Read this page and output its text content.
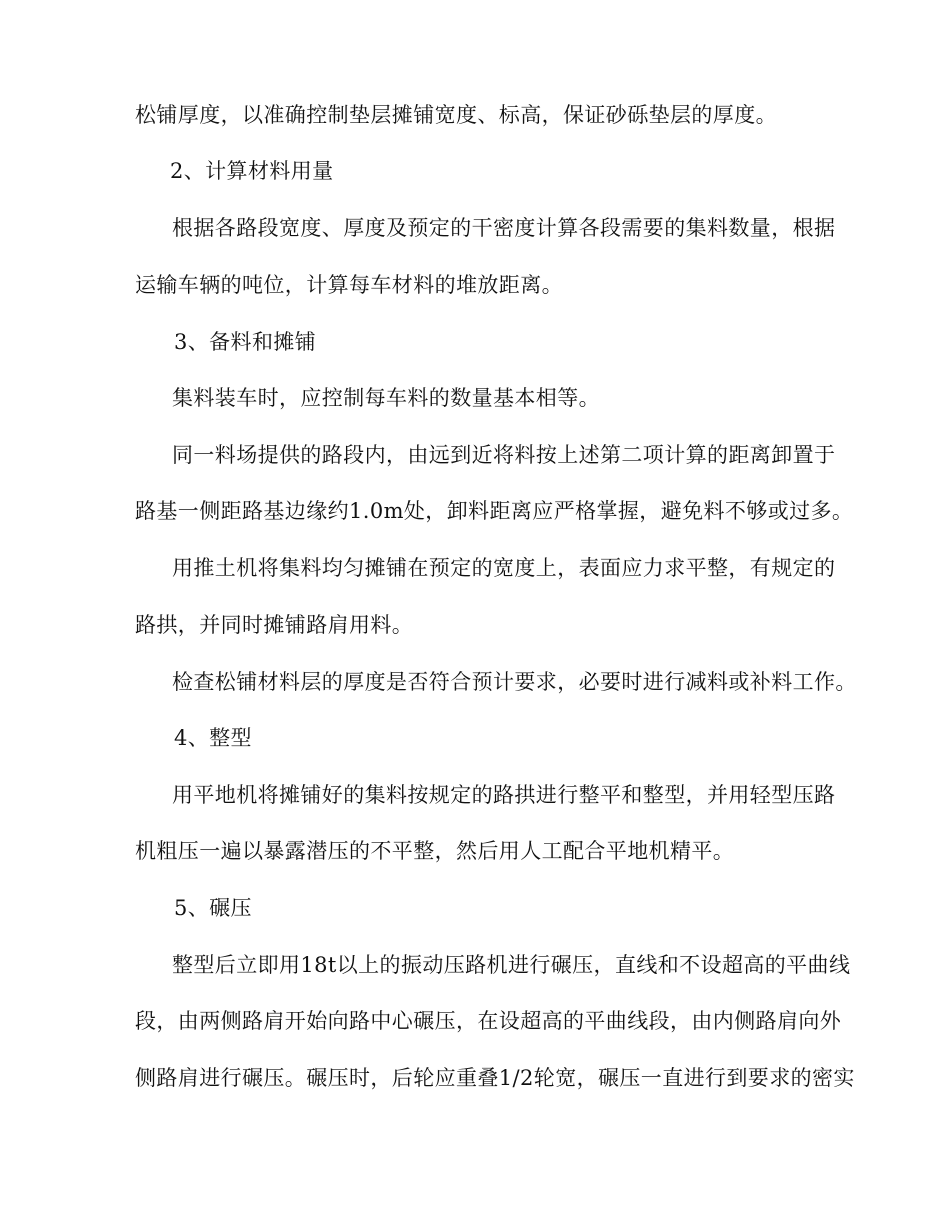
松铺厚度，以准确控制垫层摊铺宽度、标高，保证砂砾垫层的厚度。
2、计算材料用量
根据各路段宽度、厚度及预定的干密度计算各段需要的集料数量，根据
运输车辆的吨位，计算每车材料的堆放距离。
3、备料和摊铺
集料装车时，应控制每车料的数量基本相等。
同一料场提供的路段内，由远到近将料按上述第二项计算的距离卸置于
路基一侧距路基边缘约1.0m处，卸料距离应严格掌握，避免料不够或过多。
用推土机将集料均匀摊铺在预定的宽度上，表面应力求平整，有规定的
路拱，并同时摊铺路肩用料。
检查松铺材料层的厚度是否符合预计要求，必要时进行减料或补料工作。
4、整型
用平地机将摊铺好的集料按规定的路拱进行整平和整型，并用轻型压路
机粗压一遍以暴露潜压的不平整，然后用人工配合平地机精平。
5、碾压
整型后立即用18t以上的振动压路机进行碾压，直线和不设超高的平曲线
段，由两侧路肩开始向路中心碾压，在设超高的平曲线段，由内侧路肩向外
侧路肩进行碾压。碾压时，后轮应重叠1/2轮宽，碾压一直进行到要求的密实
